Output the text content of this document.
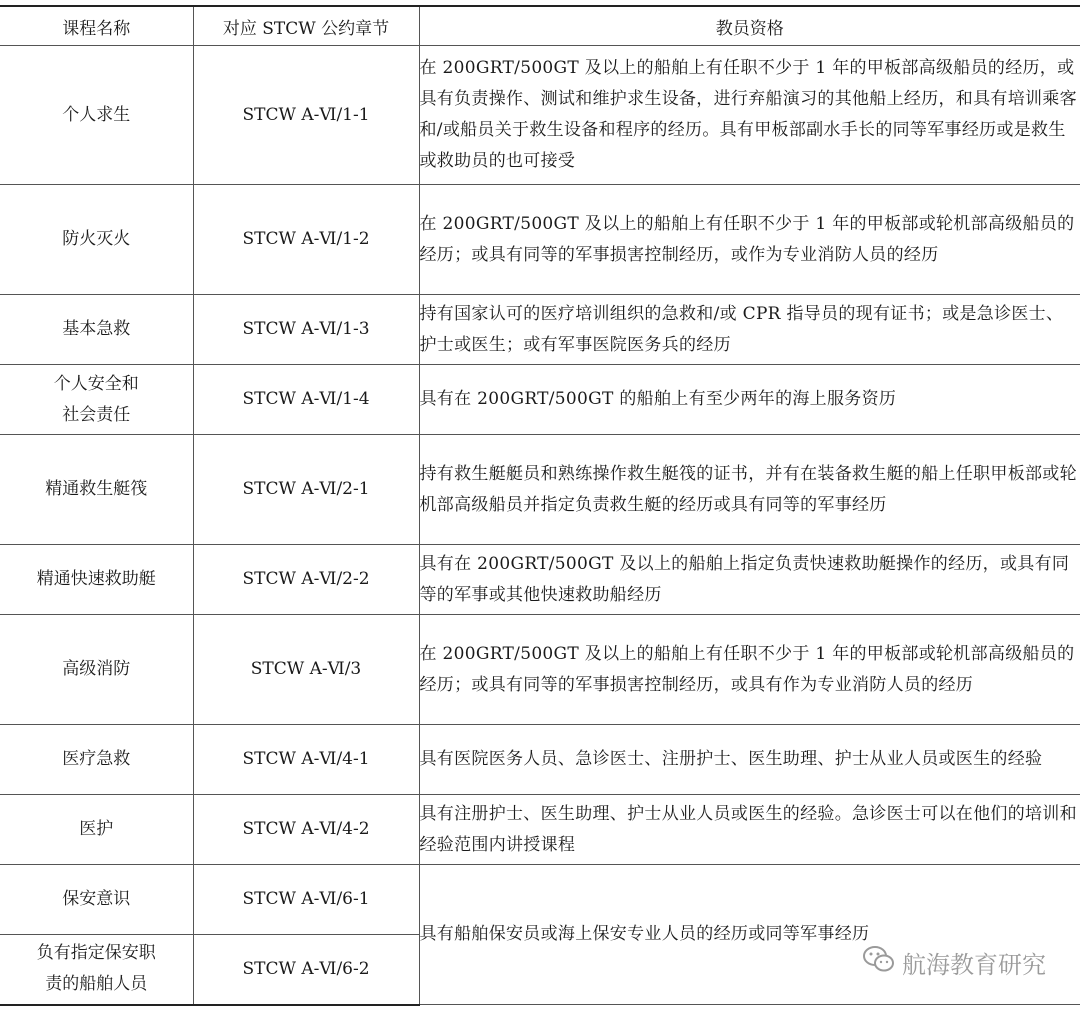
课程名称	对应 STCW 公约章节	教员资格
个人求生	STCW A-Ⅵ/1-1	在 200GRT/500GT 及以上的船舶上有任职不少于 1 年的甲板部高级船员的经历，或具有负责操作、测试和维护求生设备，进行弃船演习的其他船上经历，和具有培训乘客和/或船员关于救生设备和程序的经历。具有甲板部副水手长的同等军事经历或是救生或救助员的也可接受
防火灭火	STCW A-Ⅵ/1-2	在 200GRT/500GT 及以上的船舶上有任职不少于 1 年的甲板部或轮机部高级船员的经历；或具有同等的军事损害控制经历，或作为专业消防人员的经历
基本急救	STCW A-Ⅵ/1-3	持有国家认可的医疗培训组织的急救和/或 CPR 指导员的现有证书；或是急诊医士、护士或医生；或有军事医院医务兵的经历
个人安全和社会责任	STCW A-Ⅵ/1-4	具有在 200GRT/500GT 的船舶上有至少两年的海上服务资历
精通救生艇筏	STCW A-Ⅵ/2-1	持有救生艇艇员和熟练操作救生艇筏的证书，并有在装备救生艇的船上任职甲板部或轮机部高级船员并指定负责救生艇的经历或具有同等的军事经历
精通快速救助艇	STCW A-Ⅵ/2-2	具有在 200GRT/500GT 及以上的船舶上指定负责快速救助艇操作的经历，或具有同等的军事或其他快速救助船经历
高级消防	STCW A-Ⅵ/3	在 200GRT/500GT 及以上的船舶上有任职不少于 1 年的甲板部或轮机部高级船员的经历；或具有同等的军事损害控制经历，或具有作为专业消防人员的经历
医疗急救	STCW A-Ⅵ/4-1	具有医院医务人员、急诊医士、注册护士、医生助理、护士从业人员或医生的经验
医护	STCW A-Ⅵ/4-2	具有注册护士、医生助理、护士从业人员或医生的经验。急诊医士可以在他们的培训和经验范围内讲授课程
保安意识	STCW A-Ⅵ/6-1	具有船舶保安员或海上保安专业人员的经历或同等军事经历
负有指定保安职责的船舶人员	STCW A-Ⅵ/6-2		航海教育研究
